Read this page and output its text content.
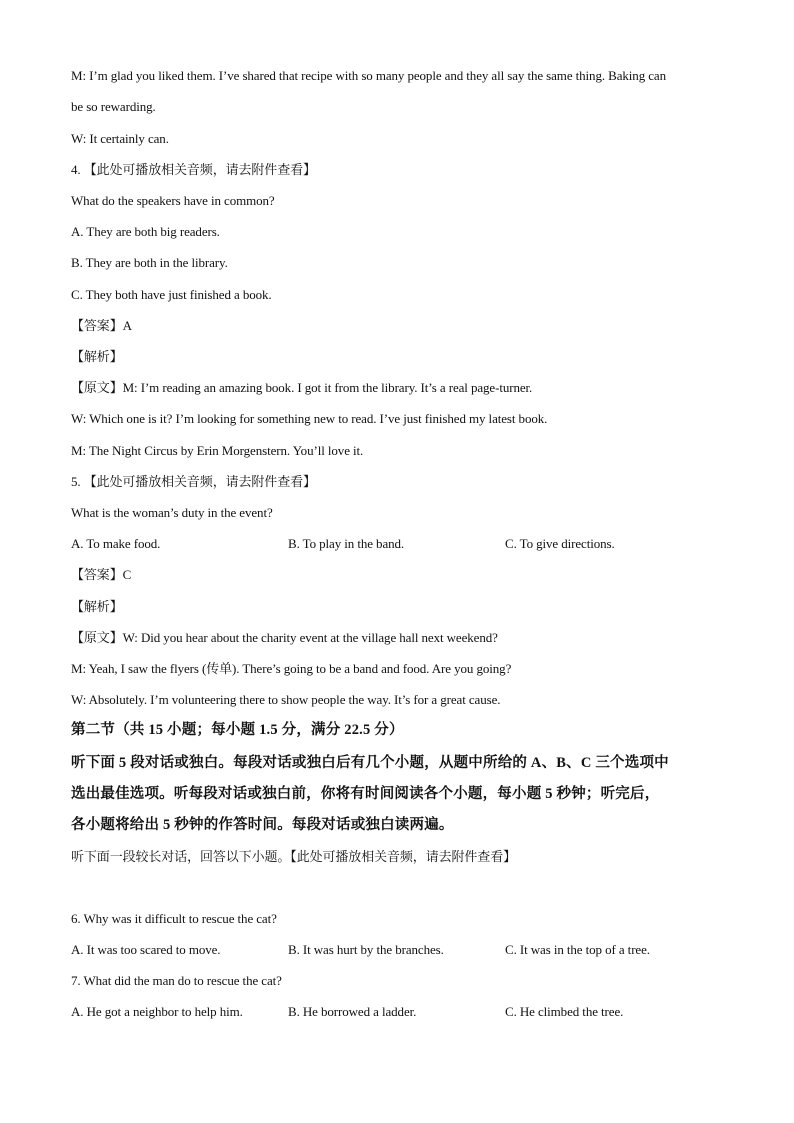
M: I’m glad you liked them. I’ve shared that recipe with so many people and they all say the same thing. Baking can
be so rewarding.
W: It certainly can.
4. 【此处可播放相关音频，请去附件查看】
What do the speakers have in common?
A. They are both big readers.
B. They are both in the library.
C. They both have just finished a book.
【答案】A
【解析】
【原文】M: I’m reading an amazing book. I got it from the library. It’s a real page-turner.
W: Which one is it? I’m looking for something new to read. I’ve just finished my latest book.
M: The Night Circus by Erin Morgenstern. You’ll love it.
5. 【此处可播放相关音频，请去附件查看】
What is the woman’s duty in the event?
A. To make food.	B. To play in the band.	C. To give directions.
【答案】C
【解析】
【原文】W: Did you hear about the charity event at the village hall next weekend?
M: Yeah, I saw the flyers (传单). There’s going to be a band and food. Are you going?
W: Absolutely. I’m volunteering there to show people the way. It’s for a great cause.
第二节（共 15 小题；每小题 1.5 分，满分 22.5 分）
听下面 5 段对话或独白。每段对话或独白后有几个小题，从题中所给的 A、B、C 三个选项中
选出最佳选项。听每段对话或独白前，你将有时间阅读各个小题，每小题 5 秒钟；听完后，
各小题将给出 5 秒钟的作答时间。每段对话或独白读两遍。
听下面一段较长对话，回答以下小题。【此处可播放相关音频，请去附件查看】
6. Why was it difficult to rescue the cat?
A. It was too scared to move.	B. It was hurt by the branches.	C. It was in the top of a tree.
7. What did the man do to rescue the cat?
A. He got a neighbor to help him.	B. He borrowed a ladder.	C. He climbed the tree.
